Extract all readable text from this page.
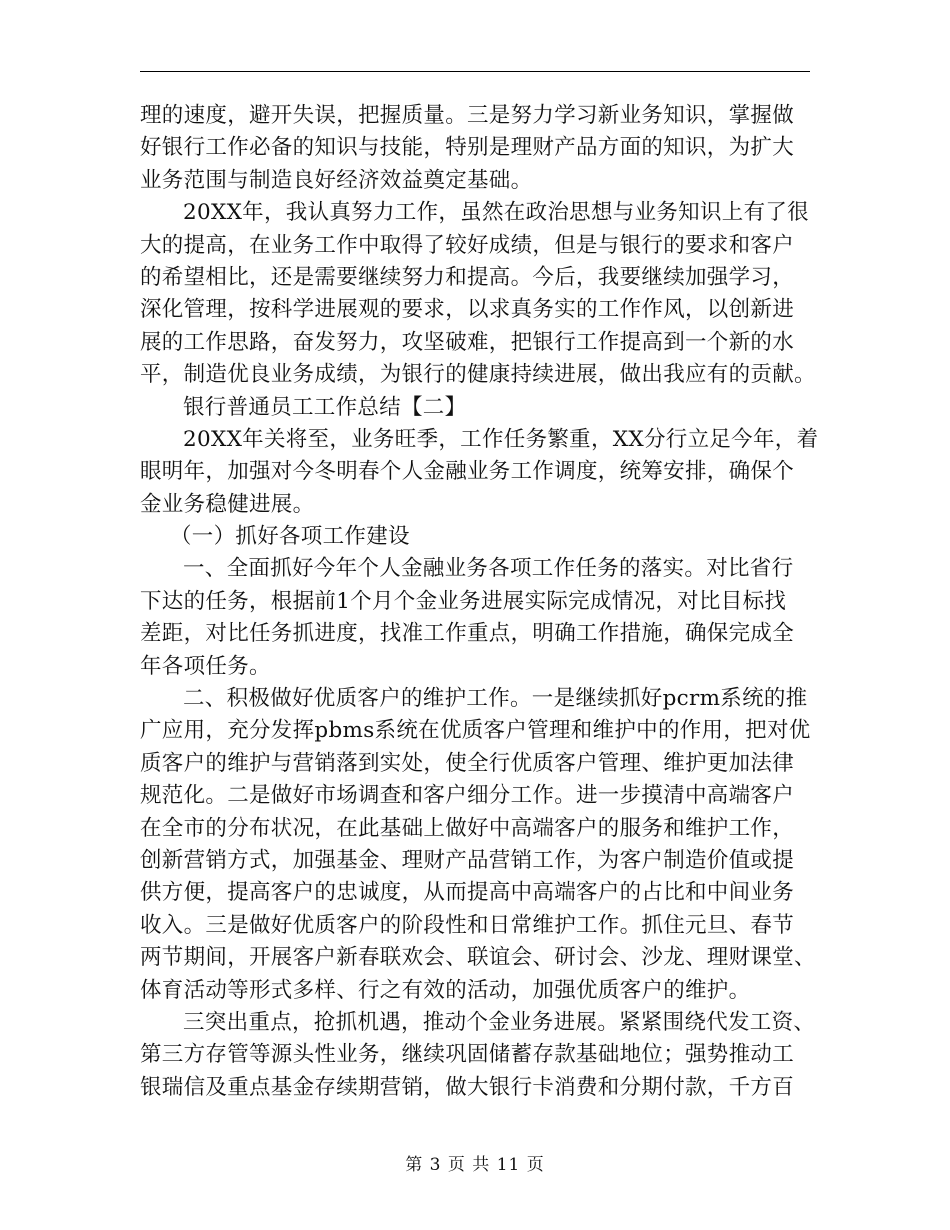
理的速度，避开失误，把握质量。三是努力学习新业务知识，掌握做
好银行工作必备的知识与技能，特别是理财产品方面的知识，为扩大
业务范围与制造良好经济效益奠定基础。
20XX年，我认真努力工作，虽然在政治思想与业务知识上有了很
大的提高，在业务工作中取得了较好成绩，但是与银行的要求和客户
的希望相比，还是需要继续努力和提高。今后，我要继续加强学习，
深化管理，按科学进展观的要求，以求真务实的工作作风，以创新进
展的工作思路，奋发努力，攻坚破难，把银行工作提高到一个新的水
平，制造优良业务成绩，为银行的健康持续进展，做出我应有的贡献。
银行普通员工工作总结【二】
20XX年关将至，业务旺季，工作任务繁重，XX分行立足今年，着
眼明年，加强对今冬明春个人金融业务工作调度，统筹安排，确保个
金业务稳健进展。
（一）抓好各项工作建设
一、全面抓好今年个人金融业务各项工作任务的落实。对比省行
下达的任务，根据前1个月个金业务进展实际完成情况，对比目标找
差距，对比任务抓进度，找准工作重点，明确工作措施，确保完成全
年各项任务。
二、积极做好优质客户的维护工作。一是继续抓好pcrm系统的推
广应用，充分发挥pbms系统在优质客户管理和维护中的作用，把对优
质客户的维护与营销落到实处，使全行优质客户管理、维护更加法律
规范化。二是做好市场调查和客户细分工作。进一步摸清中高端客户
在全市的分布状况，在此基础上做好中高端客户的服务和维护工作，
创新营销方式，加强基金、理财产品营销工作，为客户制造价值或提
供方便，提高客户的忠诚度，从而提高中高端客户的占比和中间业务
收入。三是做好优质客户的阶段性和日常维护工作。抓住元旦、春节
两节期间，开展客户新春联欢会、联谊会、研讨会、沙龙、理财课堂、
体育活动等形式多样、行之有效的活动，加强优质客户的维护。
三突出重点，抢抓机遇，推动个金业务进展。紧紧围绕代发工资、
第三方存管等源头性业务，继续巩固储蓄存款基础地位；强势推动工
银瑞信及重点基金存续期营销，做大银行卡消费和分期付款，千方百
第 3 页 共 11 页
